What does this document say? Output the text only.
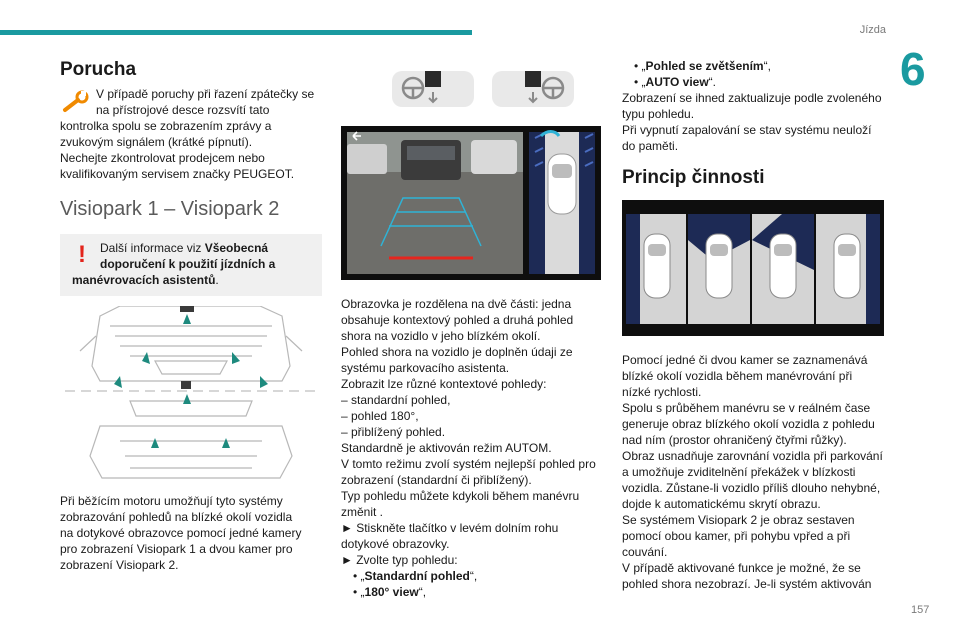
Jízda
6
157
Porucha
V případě poruchy při řazení zpátečky se
na přístrojové desce rozsvítí tato
kontrolka spolu se zobrazením zprávy a
zvukovým signálem (krátké pípnutí).
Nechejte zkontrolovat prodejcem nebo
kvalifikovaným servisem značky PEUGEOT.
Visiopark 1 – Visiopark 2
!	Další informace viz Všeobecná doporučení k použití jízdních a manévrovacích asistentů.
Při běžícím motoru umožňují tyto systémy
zobrazování pohledů na blízké okolí vozidla
na dotykové obrazovce pomocí jedné kamery
pro zobrazení Visiopark 1 a dvou kamer pro
zobrazení Visiopark 2.
Obrazovka je rozdělena na dvě části: jedna
obsahuje kontextový pohled a druhá pohled
shora na vozidlo v jeho blízkém okolí.
Pohled shora na vozidlo je doplněn údaji ze
systému parkovacího asistenta.
Zobrazit lze různé kontextové pohledy:
– standardní pohled,
– pohled 180°,
– přiblížený pohled.
Standardně je aktivován režim AUTOM.
V tomto režimu zvolí systém nejlepší pohled pro
zobrazení (standardní či přiblížený).
Typ pohledu můžete kdykoli během manévru
změnit .
► Stiskněte tlačítko v levém dolním rohu
dotykové obrazovky.
► Zvolte typ pohledu:
• „Standardní pohled“,
• „180° view“,
• „Pohled se zvětšením“,
• „AUTO view“.
Zobrazení se ihned zaktualizuje podle zvoleného
typu pohledu.
Při vypnutí zapalování se stav systému neuloží
do paměti.
Princip činnosti
Pomocí jedné či dvou kamer se zaznamenává
blízké okolí vozidla během manévrování při
nízké rychlosti.
Spolu s průběhem manévru se v reálném čase
generuje obraz blízkého okolí vozidla z pohledu
nad ním (prostor ohraničený čtyřmi růžky).
Obraz usnadňuje zarovnání vozidla při parkování
a umožňuje zviditelnění překážek v blízkosti
vozidla. Zůstane-li vozidlo příliš dlouho nehybné,
dojde k automatickému skrytí obrazu.
Se systémem Visiopark 2 je obraz sestaven
pomocí obou kamer, při pohybu vpřed a při
couvání.
V případě aktivované funkce je možné, že se
pohled shora nezobrazí. Je-li systém aktivován
